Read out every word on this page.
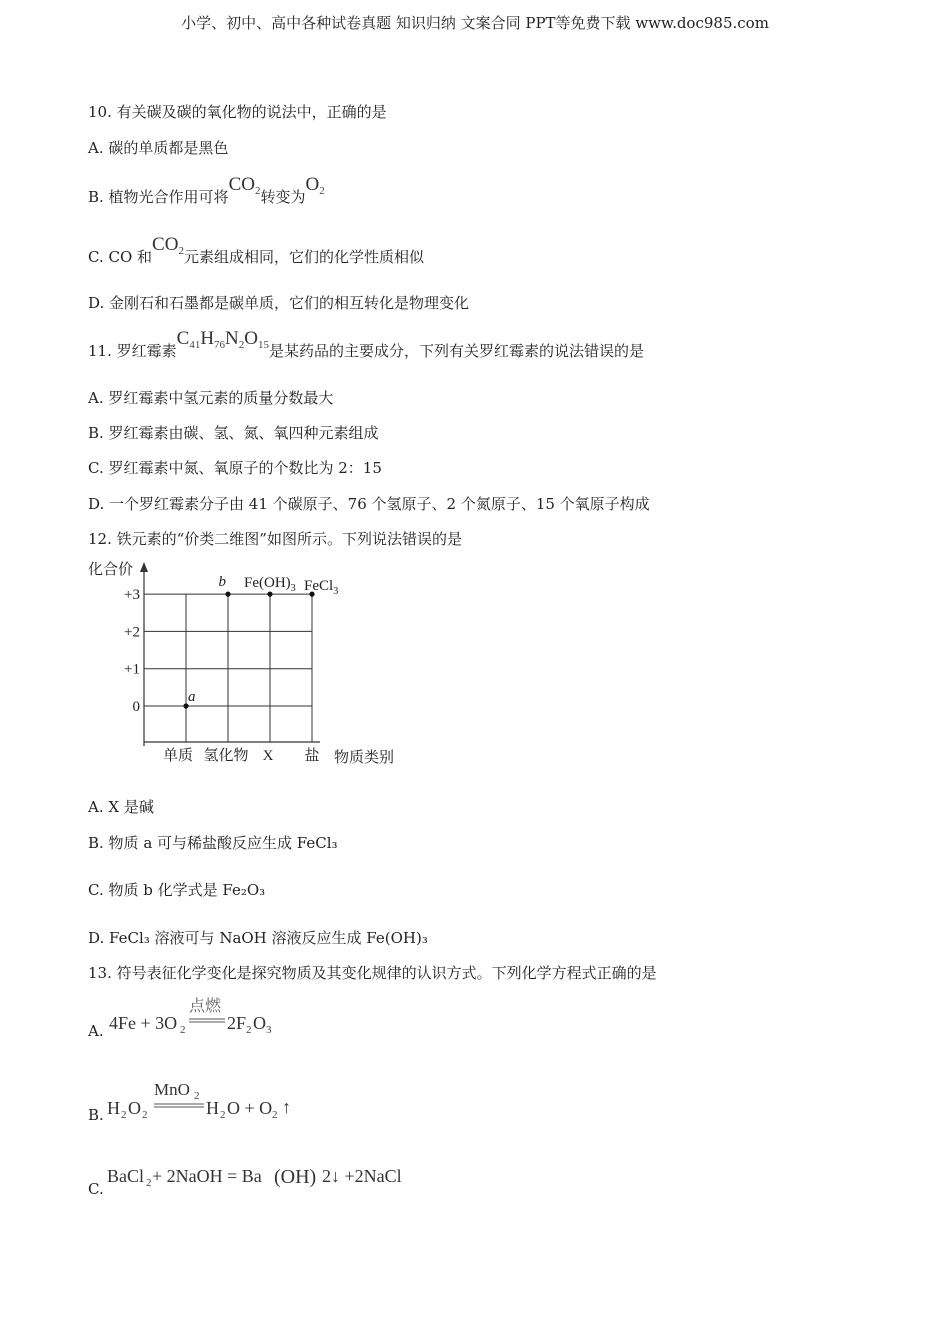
小学、初中、高中各种试卷真题 知识归纳 文案合同 PPT等免费下载 www.doc985.com
10. 有关碳及碳的氧化物的说法中，正确的是
A. 碳的单质都是黑色
B. 植物光合作用可将$CO_2$转变为$O_2$
C. CO 和$CO_2$元素组成相同，它们的化学性质相似
D. 金刚石和石墨都是碳单质，它们的相互转化是物理变化
11. 罗红霉素$C_{41}H_{76}N_2O_{15}$是某药品的主要成分，下列有关罗红霉素的说法错误的是
A. 罗红霉素中氢元素的质量分数最大
B. 罗红霉素由碳、氢、氮、氧四种元素组成
C. 罗红霉素中氮、氧原子的个数比为 2：15
D. 一个罗红霉素分子由 41 个碳原子、76 个氢原子、2 个氮原子、15 个氧原子构成
12. 铁元素的“价类二维图”如图所示。下列说法错误的是
化合价
+3
+2
+1
0
单质 氢化物 X 盐
a
b $Fe(OH)_3$ FeCl$_3$
物质类别
A. X 是碱
B. 物质 a 可与稀盐酸反应生成 FeCl₃
C. 物质 b 化学式是 Fe₂O₃
D. FeCl₃ 溶液可与 NaOH 溶液反应生成 Fe(OH)₃
13. 符号表征化学变化是探究物质及其变化规律的认识方式。下列化学方程式正确的是
A. 4Fe + 3O 2
点燃
2F 2 O 3
B. H 2 O 2
MnO 2
H 2 O + O 2 ↑
C.
BaCl 2 + 2NaOH = Ba (OH) 2↓ +2NaCl
